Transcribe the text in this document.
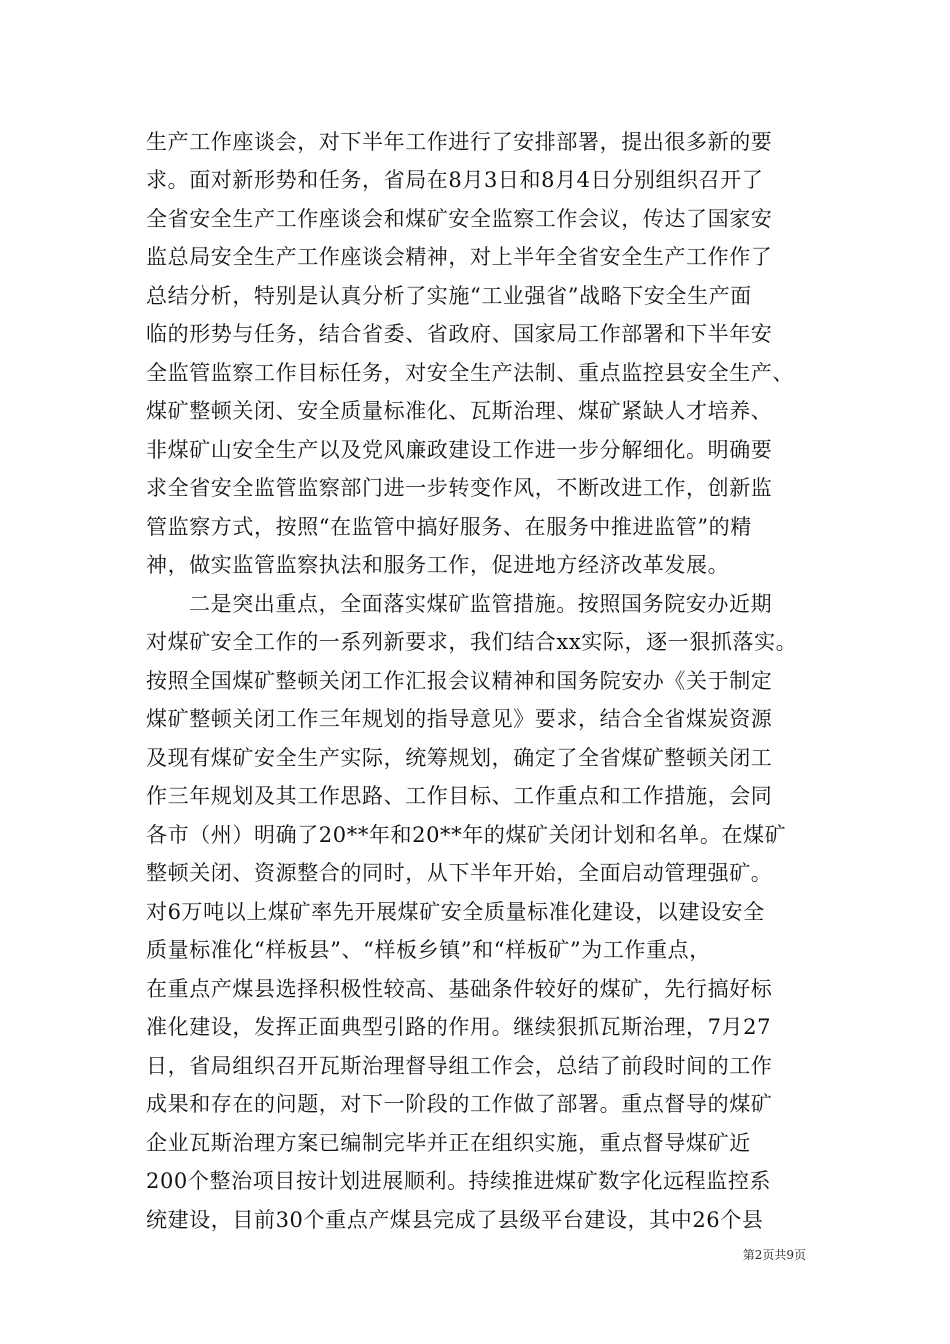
生产工作座谈会，对下半年工作进行了安排部署，提出很多新的要
求。面对新形势和任务，省局在8月3日和8月4日分别组织召开了
全省安全生产工作座谈会和煤矿安全监察工作会议，传达了国家安
监总局安全生产工作座谈会精神，对上半年全省安全生产工作作了
总结分析，特别是认真分析了实施“工业强省”战略下安全生产面
临的形势与任务，结合省委、省政府、国家局工作部署和下半年安
全监管监察工作目标任务，对安全生产法制、重点监控县安全生产、
煤矿整顿关闭、安全质量标准化、瓦斯治理、煤矿紧缺人才培养、
非煤矿山安全生产以及党风廉政建设工作进一步分解细化。明确要
求全省安全监管监察部门进一步转变作风，不断改进工作，创新监
管监察方式，按照“在监管中搞好服务、在服务中推进监管”的精
神，做实监管监察执法和服务工作，促进地方经济改革发展。
二是突出重点，全面落实煤矿监管措施。按照国务院安办近期
对煤矿安全工作的一系列新要求，我们结合xx实际，逐一狠抓落实。
按照全国煤矿整顿关闭工作汇报会议精神和国务院安办《关于制定
煤矿整顿关闭工作三年规划的指导意见》要求，结合全省煤炭资源
及现有煤矿安全生产实际，统筹规划，确定了全省煤矿整顿关闭工
作三年规划及其工作思路、工作目标、工作重点和工作措施，会同
各市（州）明确了20**年和20**年的煤矿关闭计划和名单。在煤矿
整顿关闭、资源整合的同时，从下半年开始，全面启动管理强矿。
对6万吨以上煤矿率先开展煤矿安全质量标准化建设，以建设安全
质量标准化“样板县”、“样板乡镇”和“样板矿”为工作重点，
在重点产煤县选择积极性较高、基础条件较好的煤矿，先行搞好标
准化建设，发挥正面典型引路的作用。继续狠抓瓦斯治理，7月27
日，省局组织召开瓦斯治理督导组工作会，总结了前段时间的工作
成果和存在的问题，对下一阶段的工作做了部署。重点督导的煤矿
企业瓦斯治理方案已编制完毕并正在组织实施，重点督导煤矿近
200个整治项目按计划进展顺利。持续推进煤矿数字化远程监控系
统建设，目前30个重点产煤县完成了县级平台建设，其中26个县
第2页共9页
